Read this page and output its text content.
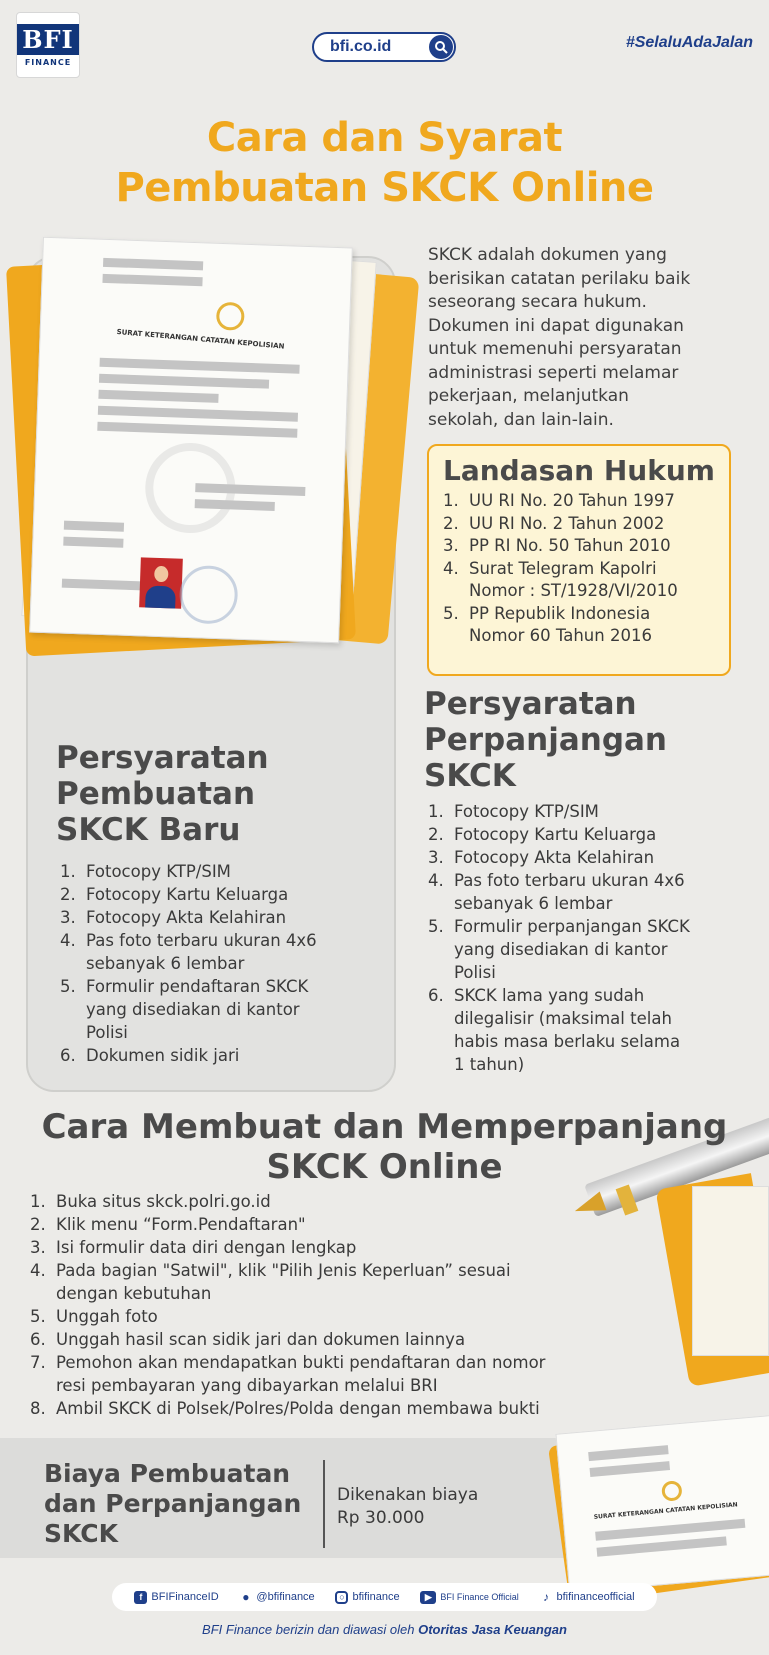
BFI
FINANCE
bfi.co.id	#SelaluAdaJalan
Cara dan Syarat
Pembuatan SKCK Online
SURAT KETERANGAN CATATAN KEPOLISIAN
Persyaratan
Pembuatan
SKCK Baru
1. Fotocopy KTP/SIM
2. Fotocopy Kartu Keluarga
3. Fotocopy Akta Kelahiran
4. Pas foto terbaru ukuran 4x6
sebanyak 6 lembar
5. Formulir pendaftaran SKCK
yang disediakan di kantor
Polisi
6. Dokumen sidik jari
SKCK adalah dokumen yang
berisikan catatan perilaku baik
seseorang secara hukum.
Dokumen ini dapat digunakan
untuk memenuhi persyaratan
administrasi seperti melamar
pekerjaan, melanjutkan
sekolah, dan lain-lain.
Landasan Hukum
1. UU RI No. 20 Tahun 1997
2. UU RI No. 2 Tahun 2002
3. PP RI No. 50 Tahun 2010
4. Surat Telegram Kapolri
Nomor : ST/1928/VI/2010
5. PP Republik Indonesia
Nomor 60 Tahun 2016
Persyaratan
Perpanjangan
SKCK
1. Fotocopy KTP/SIM
2. Fotocopy Kartu Keluarga
3. Fotocopy Akta Kelahiran
4. Pas foto terbaru ukuran 4x6
sebanyak 6 lembar
5. Formulir perpanjangan SKCK
yang disediakan di kantor
Polisi
6. SKCK lama yang sudah
dilegalisir (maksimal telah
habis masa berlaku selama
1 tahun)
Cara Membuat dan Memperpanjang
SKCK Online
1. Buka situs skck.polri.go.id
2. Klik menu “Form.Pendaftaran"
3. Isi formulir data diri dengan lengkap
4. Pada bagian "Satwil", klik "Pilih Jenis Keperluan” sesuai
dengan kebutuhan
5. Unggah foto
6. Unggah hasil scan sidik jari dan dokumen lainnya
7. Pemohon akan mendapatkan bukti pendaftaran dan nomor
resi pembayaran yang dibayarkan melalui BRI
8. Ambil SKCK di Polsek/Polres/Polda dengan membawa bukti
Biaya Pembuatan
dan Perpanjangan
SKCK
Dikenakan biaya
Rp 30.000	SURAT KETERANGAN CATATAN KEPOLISIAN
f BFIFinanceID ● @bfifinance	○ bfifinance	▶ BFI Finance Official ♪ bfifinanceofficial
BFI Finance berizin dan diawasi oleh Otoritas Jasa Keuangan
